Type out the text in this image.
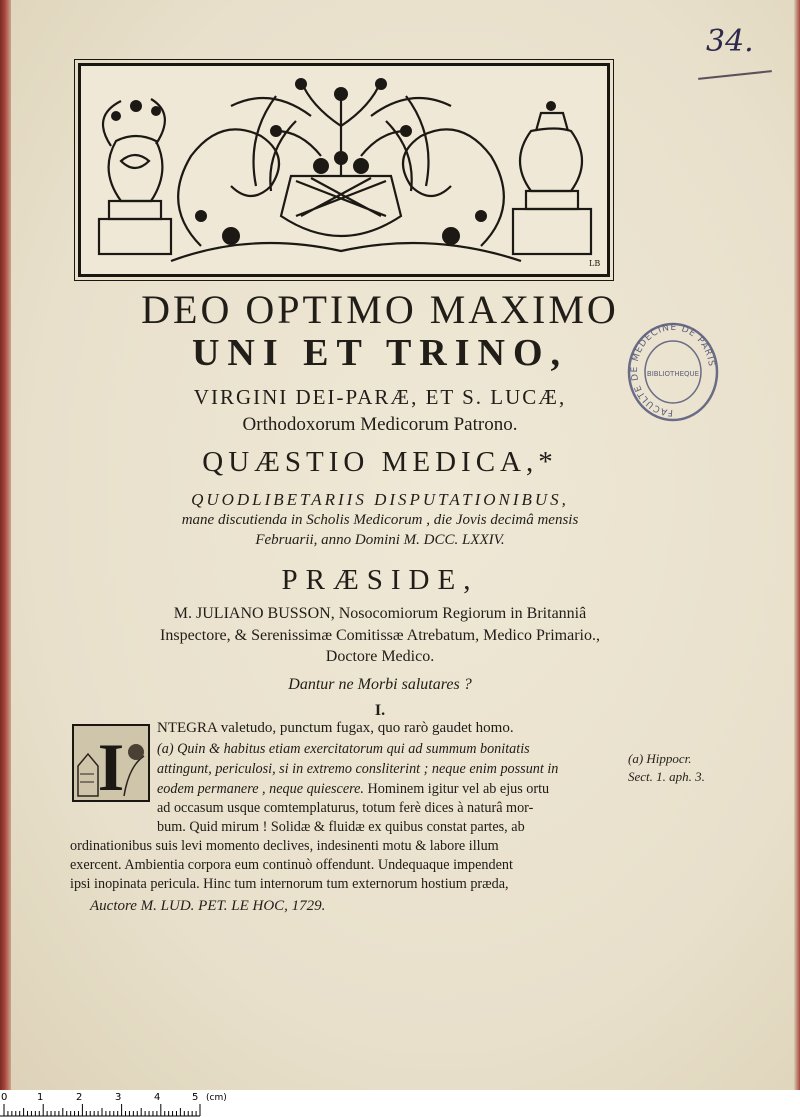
34.
LB
DEO OPTIMO MAXIMO
UNI ET TRINO,
VIRGINI DEI-PARÆ, ET S. LUCÆ,
Orthodoxorum Medicorum Patrono.
QUÆSTIO MEDICA,*
QUODLIBETARIIS DISPUTATIONIBUS,
mane discutienda in Scholis Medicorum , die Jovis decimâ mensis
Februarii, anno Domini M. DCC. LXXIV.
PRÆSIDE,
M. JULIANO BUSSON, Nosocomiorum Regiorum in Britanniâ
Inspectore, & Serenissimæ Comitissæ Atrebatum, Medico Primario.,
Doctore Medico.
Dantur ne Morbi salutares ?
I.
FACULTE DE MEDECINE DE PARIS
BIBLIOTHEQUE
I
NTEGRA valetudo, punctum fugax, quo rarò gaudet homo.
(a) Quin & habitus etiam exercitatorum qui ad summum bonitatis
attingunt, periculosi, si in extremo consliterint ; neque enim possunt in
eodem permanere , neque quiescere. Hominem igitur vel ab ejus ortu
ad occasum usque comtemplaturus, totum ferè dices à naturâ mor-
bum. Quid mirum ! Solidæ & fluidæ ex quibus constat partes, ab
ordinationibus suis levi momento declives, indesinenti motu & labore illum
exercent. Ambientia corpora eum continuò offendunt. Undequaque impendent
ipsi inopinata pericula. Hinc tum internorum tum externorum hostium præda,
(a) Hippocr.
Sect. 1. aph. 3.
Auctore M. LUD. PET. LE HOC, 1729.
0	1	2	3	4	5 (cm)
